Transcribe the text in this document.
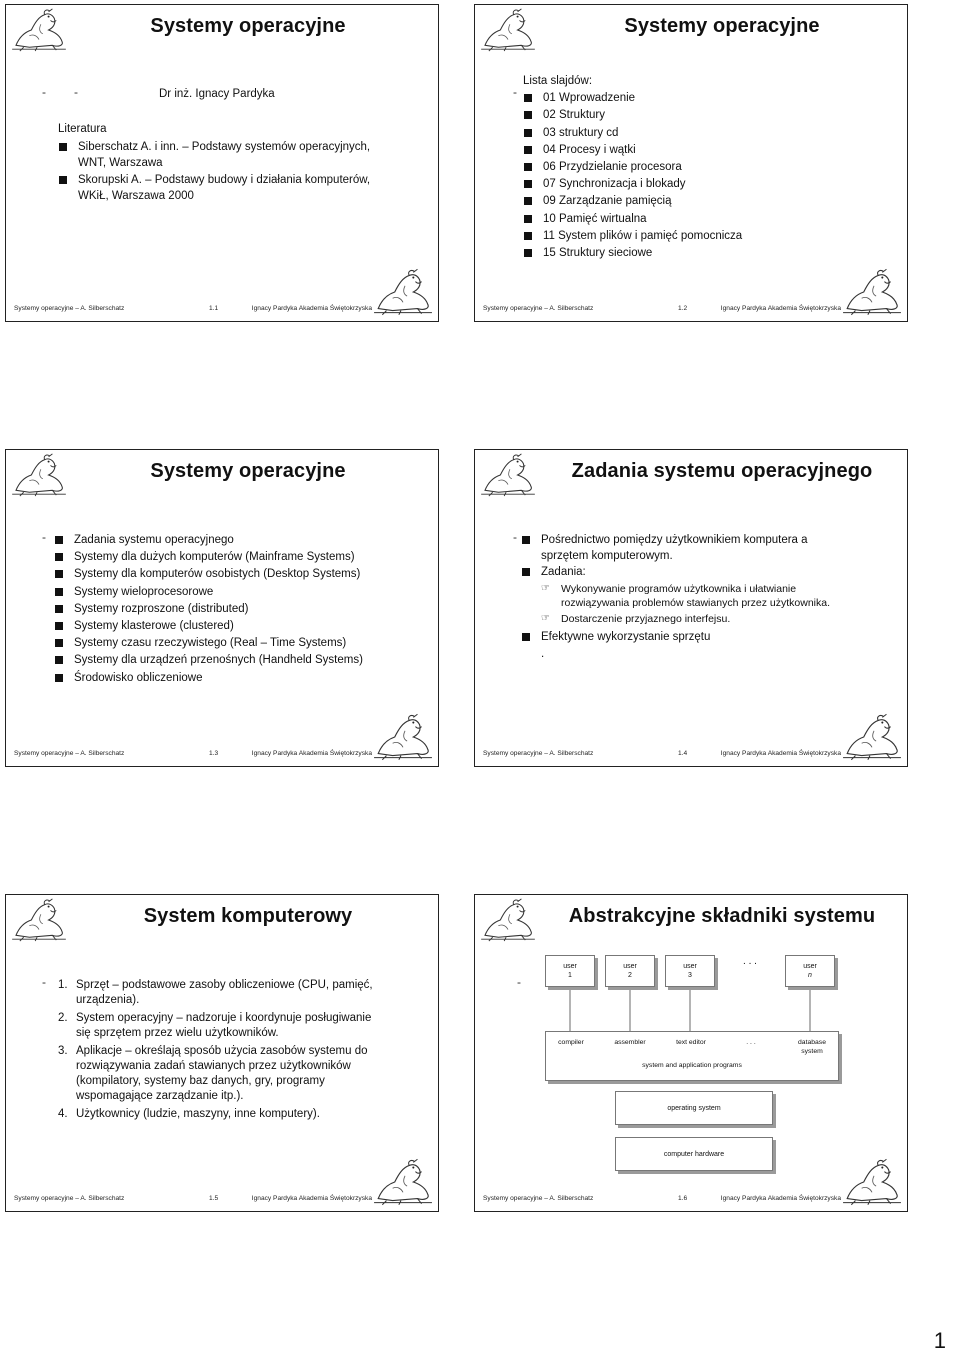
Systemy operacyjne
- -	Dr inż. Ignacy Pardyka
Literatura
Siberschatz A. i inn. – Podstawy systemów operacyjnych, WNT, Warszawa
Skorupski A. – Podstawy budowy i działania komputerów, WKiŁ, Warszawa 2000
Systemy operacyjne – A. Silberschatz	1.1	Ignacy Pardyka Akademia Świętokrzyska
Systemy operacyjne
-
Lista slajdów:
01 Wprowadzenie
02 Struktury
03 struktury cd
04 Procesy i wątki
06 Przydzielanie procesora
07 Synchronizacja i blokady
09 Zarządzanie pamięcią
10 Pamięć wirtualna
11 System plików i pamięć pomocnicza
15 Struktury sieciowe
Systemy operacyjne – A. Silberschatz	1.2	Ignacy Pardyka Akademia Świętokrzyska
Systemy operacyjne
-	Zadania systemu operacyjnego
Systemy dla dużych komputerów (Mainframe Systems)
Systemy dla komputerów osobistych (Desktop Systems)
Systemy wieloprocesorowe
Systemy rozproszone (distributed)
Systemy klasterowe (clustered)
Systemy czasu rzeczywistego (Real – Time Systems)
Systemy dla urządzeń przenośnych (Handheld Systems)
Środowisko obliczeniowe
Systemy operacyjne – A. Silberschatz	1.3	Ignacy Pardyka Akademia Świętokrzyska
Zadania systemu operacyjnego
-	Pośrednictwo pomiędzy użytkownikiem komputera a sprzętem komputerowym.
Zadania:
☞ Wykonywanie programów użytkownika i ułatwianie rozwiązywania problemów stawianych przez użytkownika.
☞ Dostarczenie przyjaznego interfejsu.
Efektywne wykorzystanie sprzętu
.
Systemy operacyjne – A. Silberschatz	1.4	Ignacy Pardyka Akademia Świętokrzyska
System komputerowy
- 1. Sprzęt – podstawowe zasoby obliczeniowe (CPU, pamięć, urządzenia).
2. System operacyjny – nadzoruje i koordynuje posługiwanie się sprzętem przez wielu użytkowników.
3. Aplikacje – określają sposób użycia zasobów systemu do rozwiązywania zadań stawianych przez użytkowników (kompilatory, systemy baz danych, gry, programy wspomagające zarządzanie itp.).
4. Użytkownicy (ludzie, maszyny, inne komputery).
Systemy operacyjne – A. Silberschatz	1.5	Ignacy Pardyka Akademia Świętokrzyska
Abstrakcyjne składniki systemu
-
user
1
user
2
user
3
. . .	user
n
compiler	assembler	text editor	. . .	database system
system and application programs
operating system
computer hardware
Systemy operacyjne – A. Silberschatz	1.6	Ignacy Pardyka Akademia Świętokrzyska
1
